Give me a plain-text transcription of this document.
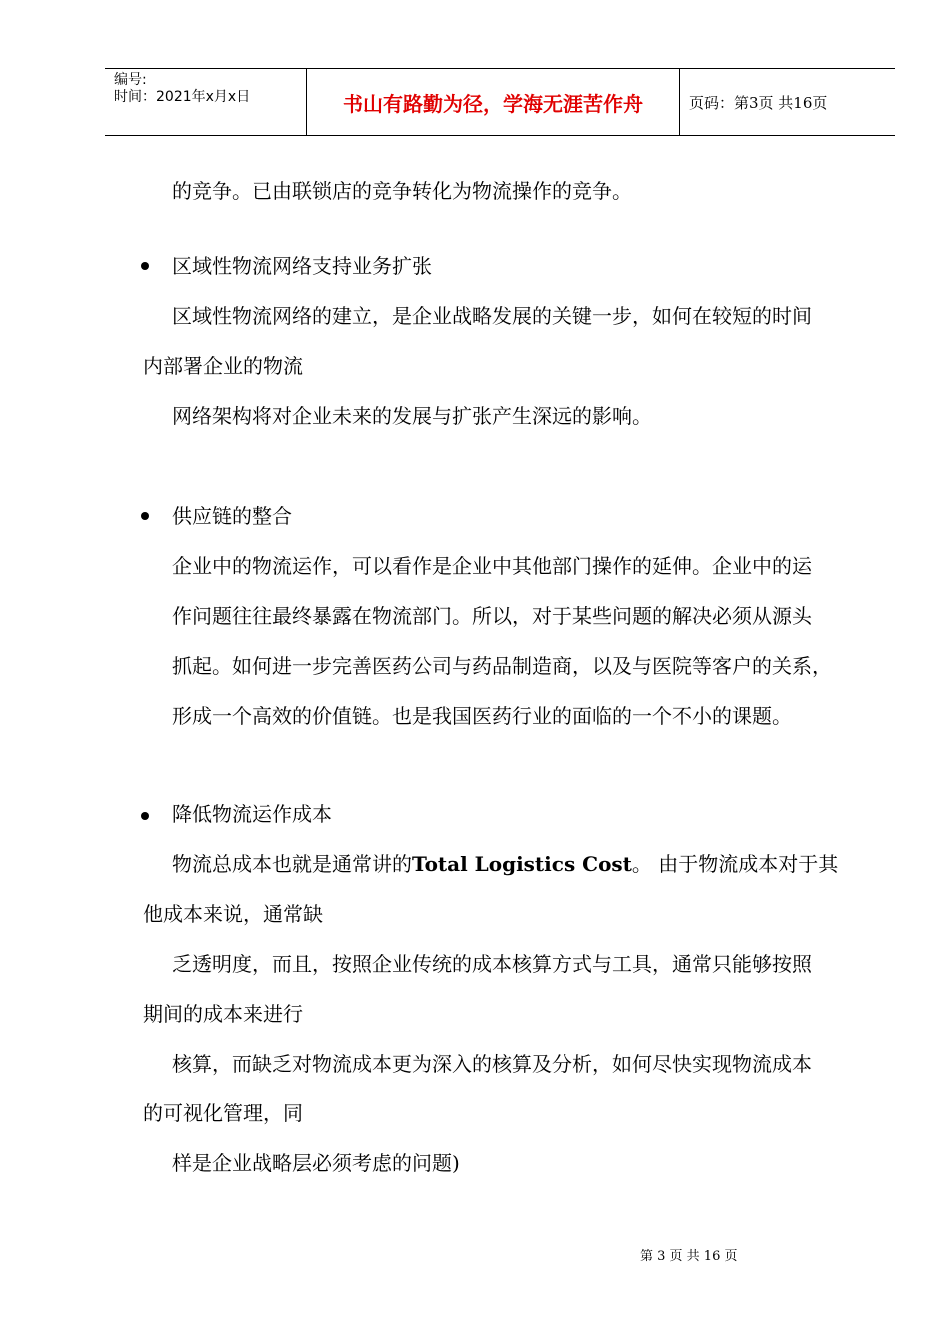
编号:
时间：2021年x月x日	书山有路勤为径，学海无涯苦作舟	页码：第3页 共16页
的竞争。已由联锁店的竞争转化为物流操作的竞争。
区域性物流网络支持业务扩张
区域性物流网络的建立，是企业战略发展的关键一步，如何在较短的时间
内部署企业的物流
网络架构将对企业未来的发展与扩张产生深远的影响。
供应链的整合
企业中的物流运作，可以看作是企业中其他部门操作的延伸。企业中的运
作问题往往最终暴露在物流部门。所以，对于某些问题的解决必须从源头
抓起。如何进一步完善医药公司与药品制造商，以及与医院等客户的关系，
形成一个高效的价值链。也是我国医药行业的面临的一个不小的课题。
降低物流运作成本
物流总成本也就是通常讲的Total Logistics Cost。 由于物流成本对于其
他成本来说，通常缺
乏透明度，而且，按照企业传统的成本核算方式与工具，通常只能够按照
期间的成本来进行
核算，而缺乏对物流成本更为深入的核算及分析，如何尽快实现物流成本
的可视化管理，同
样是企业战略层必须考虑的问题)
第 3 页 共 16 页
